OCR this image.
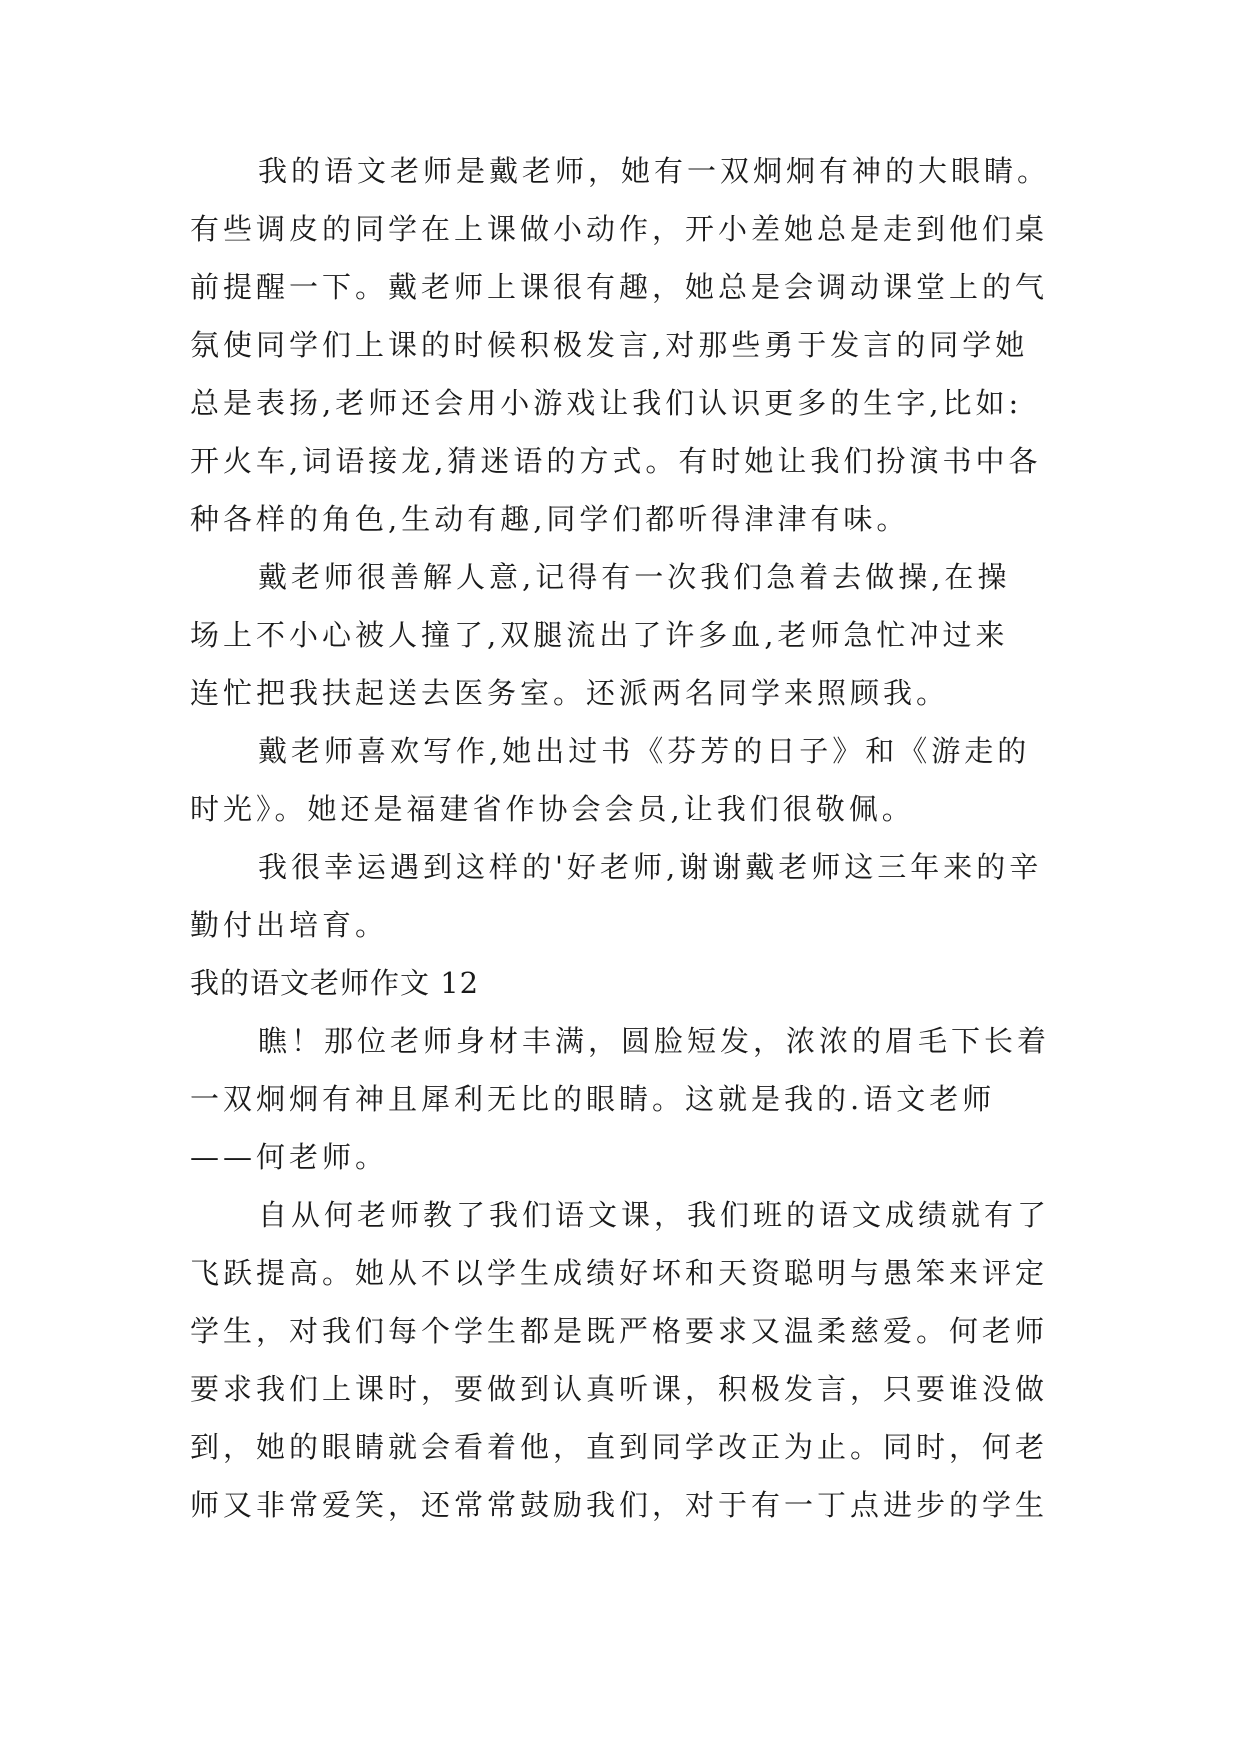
我的语文老师是戴老师，她有一双炯炯有神的大眼睛。

有些调皮的同学在上课做小动作，开小差她总是走到他们桌

前提醒一下。戴老师上课很有趣，她总是会调动课堂上的气

氛使同学们上课的时候积极发言,对那些勇于发言的同学她

总是表扬,老师还会用小游戏让我们认识更多的生字,比如:

开火车,词语接龙,猜迷语的方式。有时她让我们扮演书中各

种各样的角色,生动有趣,同学们都听得津津有味。

戴老师很善解人意,记得有一次我们急着去做操,在操

场上不小心被人撞了,双腿流出了许多血,老师急忙冲过来

连忙把我扶起送去医务室。还派两名同学来照顾我。

戴老师喜欢写作,她出过书《芬芳的日子》和《游走的

时光》。她还是福建省作协会会员,让我们很敬佩。

我很幸运遇到这样的'好老师,谢谢戴老师这三年来的辛

勤付出培育。

我的语文老师作文 12

瞧！那位老师身材丰满，圆脸短发，浓浓的眉毛下长着

一双炯炯有神且犀利无比的眼睛。这就是我的.语文老师

——何老师。

自从何老师教了我们语文课，我们班的语文成绩就有了

飞跃提高。她从不以学生成绩好坏和天资聪明与愚笨来评定

学生，对我们每个学生都是既严格要求又温柔慈爱。何老师

要求我们上课时，要做到认真听课，积极发言，只要谁没做

到，她的眼睛就会看着他，直到同学改正为止。同时，何老

师又非常爱笑，还常常鼓励我们，对于有一丁点进步的学生
